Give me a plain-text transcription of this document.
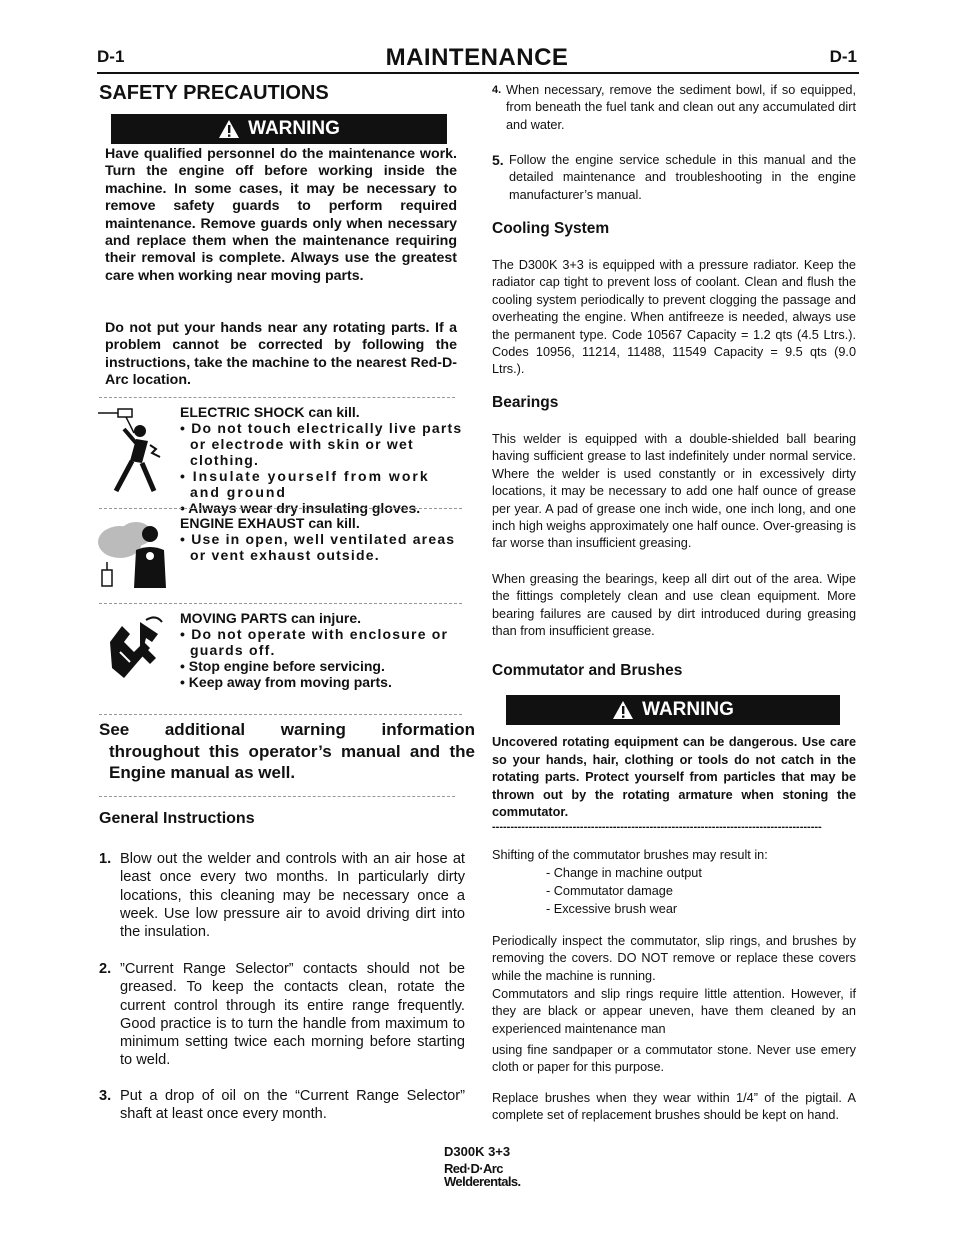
D-1	MAINTENANCE	D-1
SAFETY PRECAUTIONS
WARNING
Have qualified personnel do the maintenance work. Turn the engine off before working inside the machine. In some cases, it may be necessary to remove safety guards to perform required maintenance. Remove guards only when necessary and replace them when the maintenance requiring their removal is complete. Always use the greatest care when working near moving parts.
Do not put your hands near any rotating parts. If a problem cannot be corrected by following the instructions, take the machine to the nearest Red-D-Arc location.
ELECTRIC SHOCK can kill.
• Do not touch electrically live parts or electrode with skin or wet clothing.
• Insulate yourself from work and ground
• Always wear dry insulating gloves.
ENGINE EXHAUST can kill.
• Use in open, well ventilated areas or vent exhaust outside.
MOVING PARTS can injure.
• Do not operate with enclosure or guards off.
• Stop engine before servicing.
• Keep away from moving parts.
See additional warning information throughout this operator’s manual and the Engine manual as well.
General Instructions
1. Blow out the welder and controls with an air hose at least once every two months. In particularly dirty locations, this cleaning may be necessary once a week. Use low pressure air to avoid driving dirt into the insulation.
2. ”Current Range Selector” contacts should not be greased. To keep the contacts clean, rotate the current control through its entire range frequently. Good practice is to turn the handle from maximum to minimum setting twice each morning before starting to weld.
3. Put a drop of oil on the “Current Range Selector” shaft at least once every month.
4. When necessary, remove the sediment bowl, if so equipped, from beneath the fuel tank and clean out any accumulated dirt and water.
5. Follow the engine service schedule in this manual and the detailed maintenance and troubleshooting in the engine manufacturer’s manual.
Cooling System
The D300K 3+3 is equipped with a pressure radiator. Keep the radiator cap tight to prevent loss of coolant. Clean and flush the cooling system periodically to prevent clogging the passage and overheating the engine. When antifreeze is needed, always use the permanent type. Code 10567 Capacity = 1.2 qts (4.5 Ltrs.). Codes 10956, 11214, 11488, 11549 Capacity = 9.5 qts (9.0 Ltrs.).
Bearings
This welder is equipped with a double-shielded ball bearing having sufficient grease to last indefinitely under normal service. Where the welder is used constantly or in excessively dirty locations, it may be necessary to add one half ounce of grease per year. A pad of grease one inch wide, one inch long, and one inch high weighs approximately one half ounce. Over-greasing is far worse than insufficient greasing.
When greasing the bearings, keep all dirt out of the area. Wipe the fittings completely clean and use clean equipment. More bearing failures are caused by dirt introduced during greasing than from insufficient grease.
Commutator and Brushes
WARNING
Uncovered rotating equipment can be dangerous. Use care so your hands, hair, clothing or tools do not catch in the rotating parts. Protect yourself from particles that may be thrown out by the rotating armature when stoning the commutator.
------------------------------------------------------------------------------------------
Shifting of the commutator brushes may result in:
- Change in machine output
- Commutator damage
- Excessive brush wear
Periodically inspect the commutator, slip rings, and brushes by removing the covers. DO NOT remove or replace these covers while the machine is running.
Commutators and slip rings require little attention. However, if they are black or appear uneven, have them cleaned by an experienced maintenance man
using fine sandpaper or a commutator stone. Never use emery cloth or paper for this purpose.
Replace brushes when they wear within 1/4” of the pigtail. A complete set of replacement brushes should be kept on hand.
D300K 3+3
Red·D·Arc
Welderentals.
